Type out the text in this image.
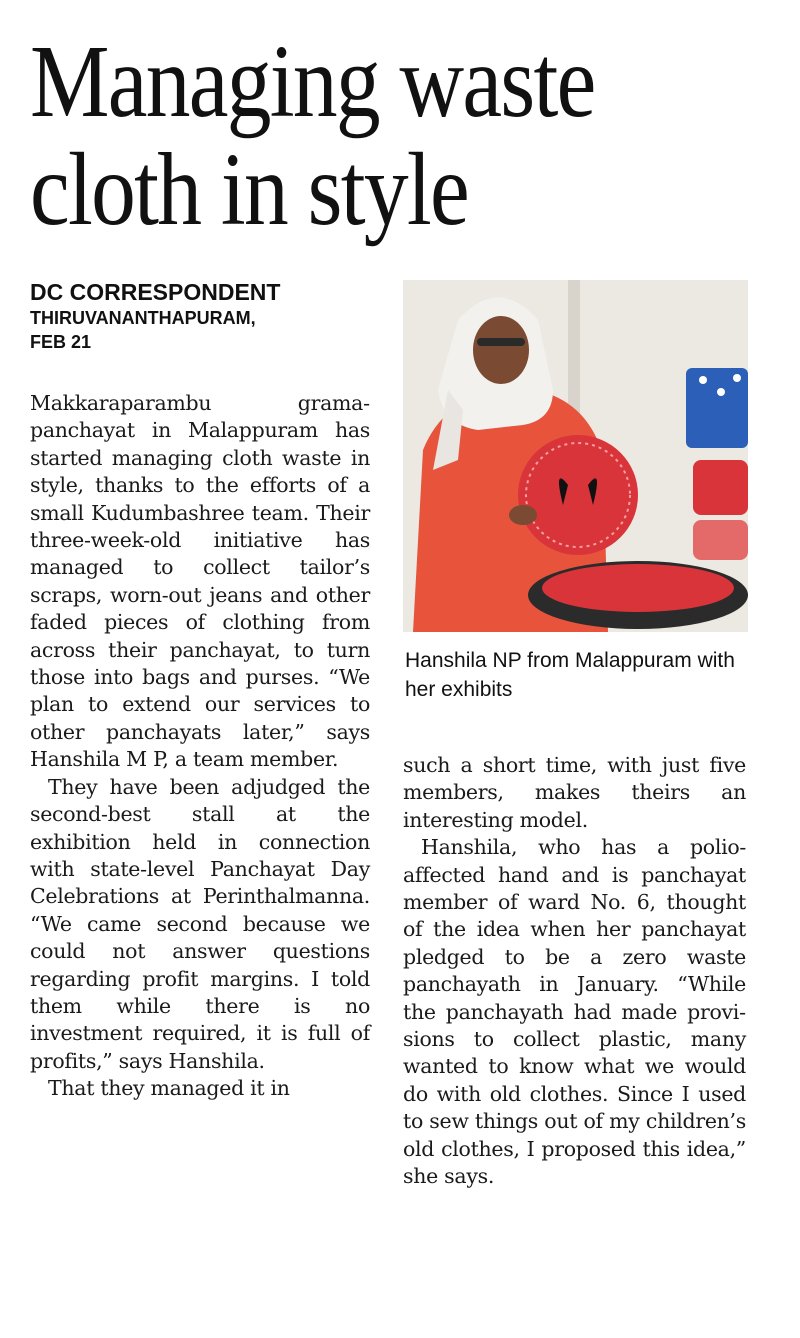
Managing waste
cloth in style
DC CORRESPONDENT
THIRUVANANTHAPURAM,
FEB 21
Hanshila NP from Malappuram with her exhibits

Makkaraparambu gramapanchayat in Malappuram has started managing cloth waste in style, thanks to the efforts of a small Kudumbashree team. Their three-week-old initiative has managed to collect tailor’s scraps, worn-out jeans and other faded pieces of clothing from across their panchayat, to turn those into bags and purses. “We plan to extend our services to other panchayats later,” says Hanshila M P, a team member.

They have been adjudged the second-best stall at the exhibition held in connection with state-level Panchayat Day Celebrations at Perinthalmanna. “We came second because we could not answer questions regarding profit margins. I told them while there is no investment required, it is full of profits,” says Hanshila.

That they managed it in

such a short time, with just five members, makes theirs an interesting model.

Hanshila, who has a polio-affected hand and is panchayat member of ward No. 6, thought of the idea when her panchayat pledged to be a zero waste panchayath in January. “While the panchayath had made provisions to collect plastic, many wanted to know what we would do with old clothes. Since I used to sew things out of my children’s old clothes, I proposed this idea,” she says.
